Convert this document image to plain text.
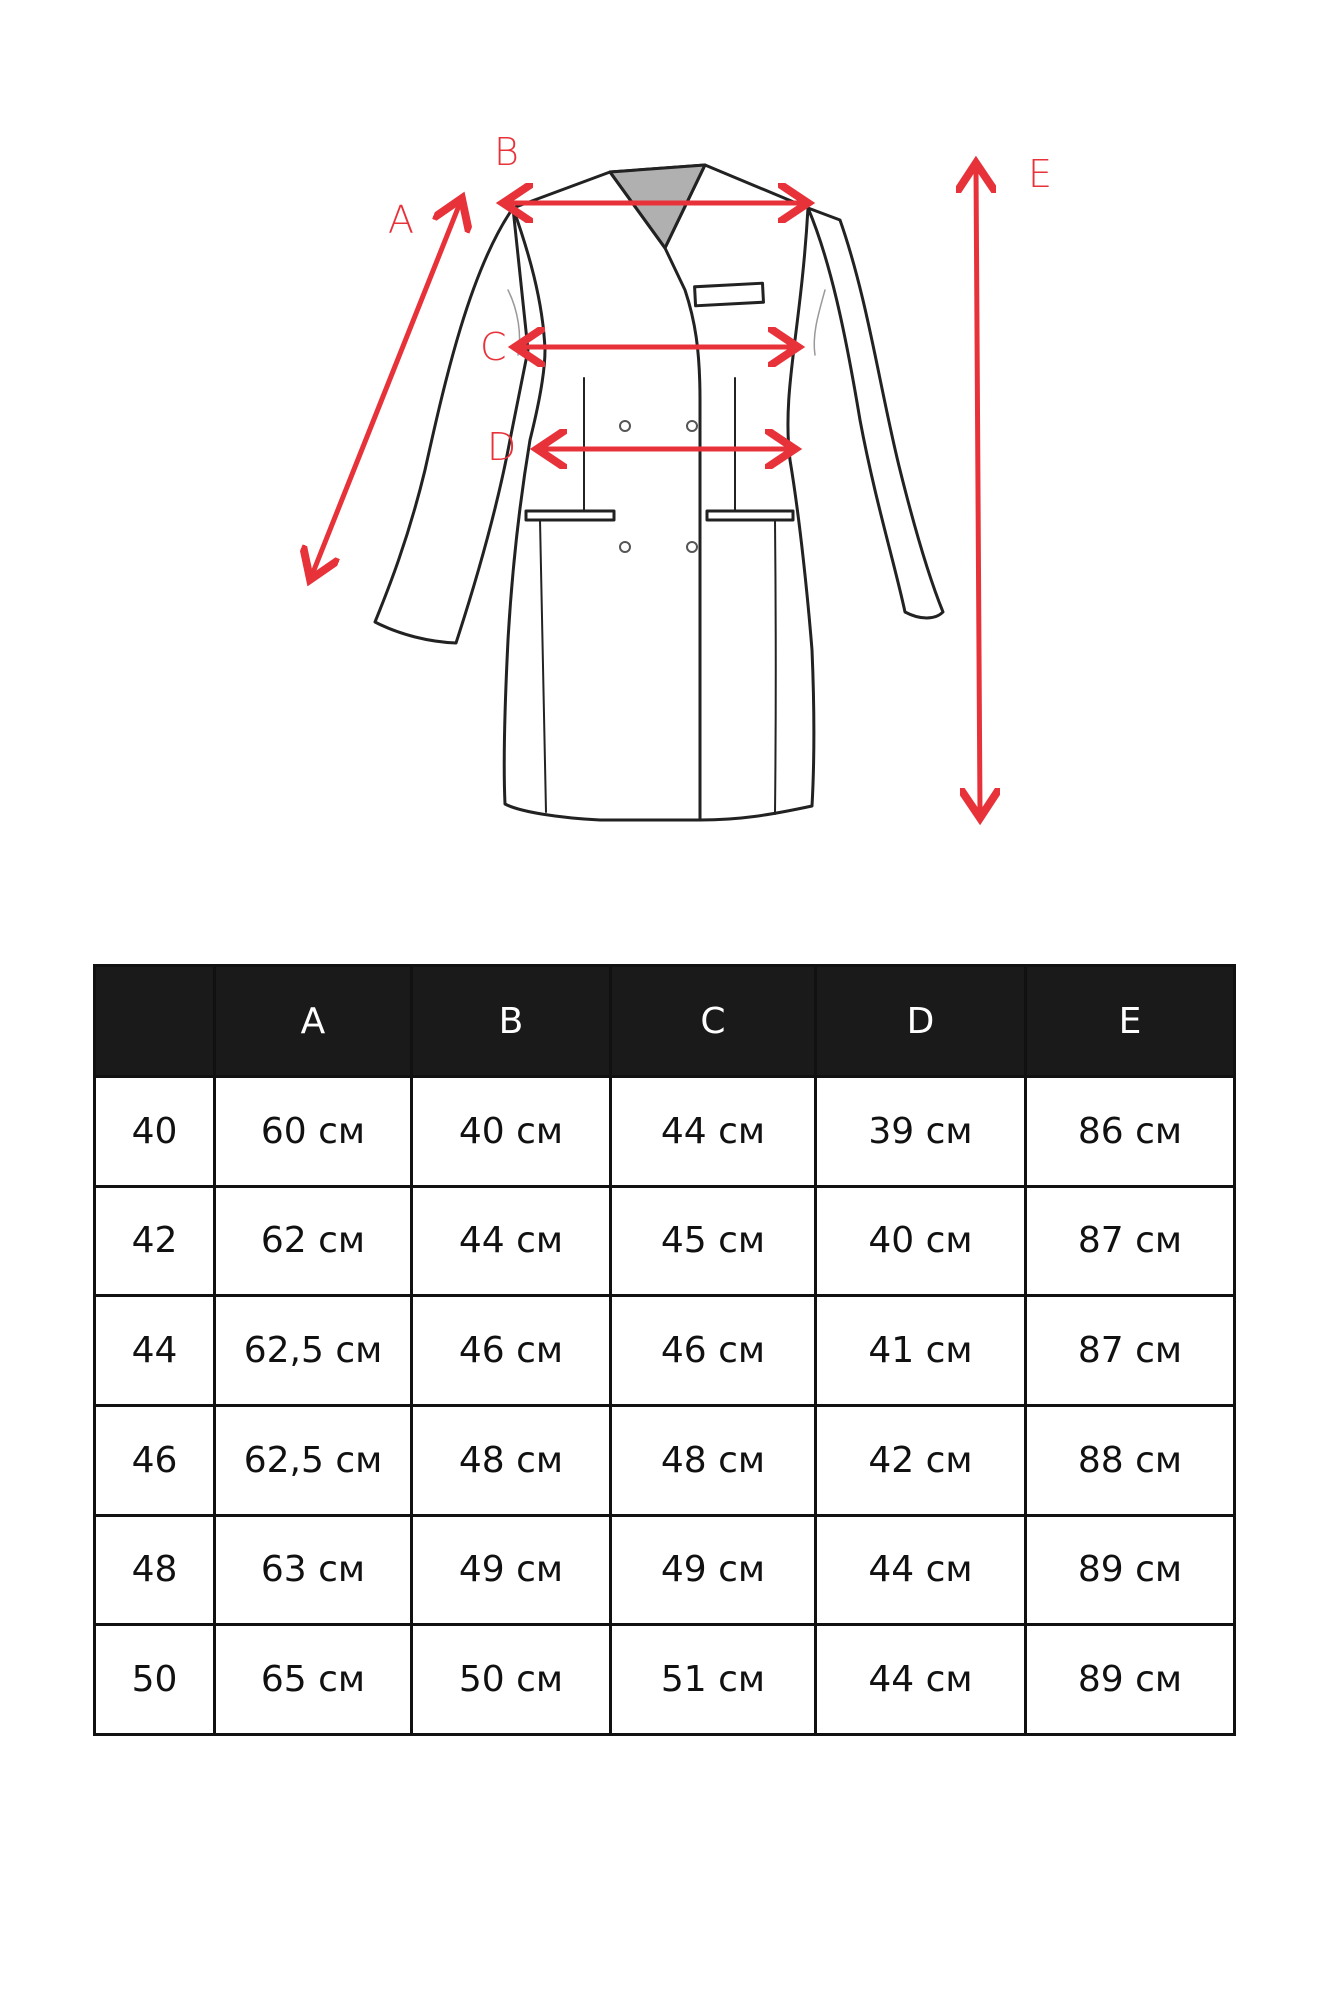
A
B
C
D
E
	A	B	C	D	E
40	60 см	40 см	44 см	39 см	86 см
42	62 см	44 см	45 см	40 см	87 см
44	62,5 см	46 см	46 см	41 см	87 см
46	62,5 см	48 см	48 см	42 см	88 см
48	63 см	49 см	49 см	44 см	89 см
50	65 см	50 см	51 см	44 см	89 см
